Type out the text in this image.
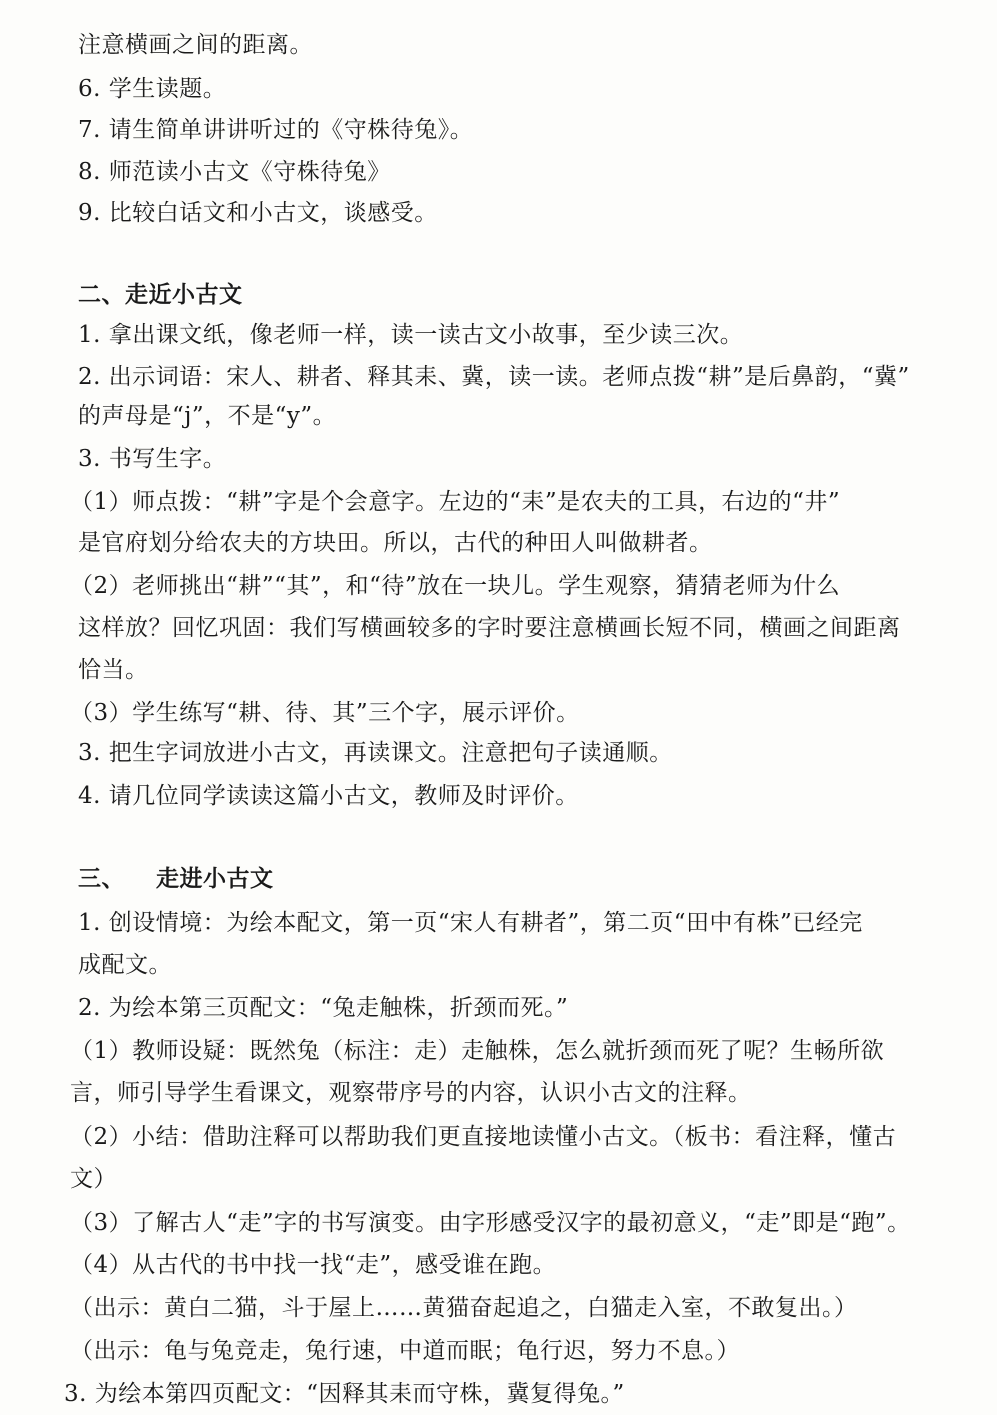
注意横画之间的距离。
6. 学生读题。
7. 请生简单讲讲听过的《守株待兔》。
8. 师范读小古文《守株待兔》
9. 比较白话文和小古文，谈感受。
二、走近小古文
1. 拿出课文纸，像老师一样，读一读古文小故事，至少读三次。
2. 出示词语：宋人、耕者、释其耒、冀，读一读。老师点拨“耕”是后鼻韵，“冀”
的声母是“j”，不是“y”。
3. 书写生字。
（1）师点拨：“耕”字是个会意字。左边的“耒”是农夫的工具，右边的“井”
是官府划分给农夫的方块田。所以，古代的种田人叫做耕者。
（2）老师挑出“耕”“其”，和“待”放在一块儿。学生观察，猜猜老师为什么
这样放？回忆巩固：我们写横画较多的字时要注意横画长短不同，横画之间距离
恰当。
（3）学生练写“耕、待、其”三个字，展示评价。
3. 把生字词放进小古文，再读课文。注意把句子读通顺。
4. 请几位同学读读这篇小古文，教师及时评价。
三、 走进小古文
1. 创设情境：为绘本配文，第一页“宋人有耕者”，第二页“田中有株”已经完
成配文。
2. 为绘本第三页配文：“兔走触株，折颈而死。”
（1）教师设疑：既然兔（标注：走）走触株，怎么就折颈而死了呢？生畅所欲
言，师引导学生看课文，观察带序号的内容，认识小古文的注释。
（2）小结：借助注释可以帮助我们更直接地读懂小古文。（板书：看注释，懂古
文）
（3）了解古人“走”字的书写演变。由字形感受汉字的最初意义，“走”即是“跑”。
（4）从古代的书中找一找“走”，感受谁在跑。
（出示：黄白二猫，斗于屋上……黄猫奋起追之，白猫走入室，不敢复出。）
（出示：龟与兔竞走，兔行速，中道而眠；龟行迟，努力不息。）
3. 为绘本第四页配文：“因释其耒而守株，冀复得兔。”
